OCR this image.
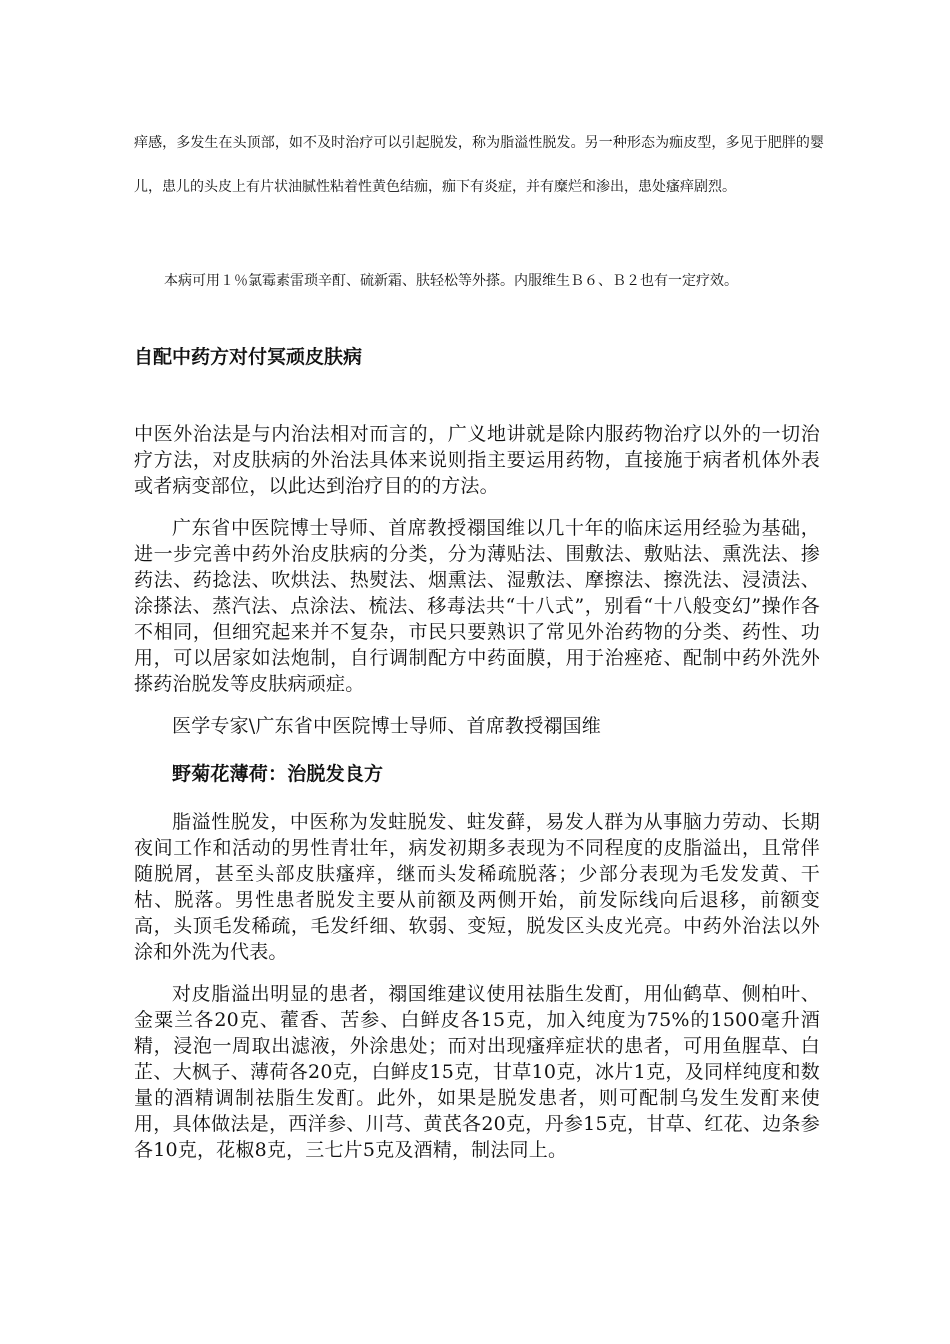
痒感，多发生在头顶部，如不及时治疗可以引起脱发，称为脂溢性脱发。另一种形态为痂皮型，多见于肥胖的婴儿，患儿的头皮上有片状油腻性粘着性黄色结痂，痂下有炎症，并有糜烂和渗出，患处瘙痒剧烈。

本病可用１％氯霉素雷琐辛酊、硫新霜、肤轻松等外搽。内服维生Ｂ６、Ｂ２也有一定疗效。

自配中药方对付冥顽皮肤病

中医外治法是与内治法相对而言的，广义地讲就是除内服药物治疗以外的一切治疗方法，对皮肤病的外治法具体来说则指主要运用药物，直接施于病者机体外表或者病变部位，以此达到治疗目的的方法。

广东省中医院博士导师、首席教授禤国维以几十年的临床运用经验为基础，进一步完善中药外治皮肤病的分类，分为薄贴法、围敷法、敷贴法、熏洗法、掺药法、药捻法、吹烘法、热熨法、烟熏法、湿敷法、摩擦法、擦洗法、浸渍法、涂搽法、蒸汽法、点涂法、梳法、移毒法共“十八式”，别看“十八般变幻”操作各不相同，但细究起来并不复杂，市民只要熟识了常见外治药物的分类、药性、功用，可以居家如法炮制，自行调制配方中药面膜，用于治痤疮、配制中药外洗外搽药治脱发等皮肤病顽症。

医学专家\广东省中医院博士导师、首席教授禤国维

野菊花薄荷：治脱发良方

脂溢性脱发，中医称为发蛀脱发、蛀发藓，易发人群为从事脑力劳动、长期夜间工作和活动的男性青壮年，病发初期多表现为不同程度的皮脂溢出，且常伴随脱屑，甚至头部皮肤瘙痒，继而头发稀疏脱落；少部分表现为毛发发黄、干枯、脱落。男性患者脱发主要从前额及两侧开始，前发际线向后退移，前额变高，头顶毛发稀疏，毛发纤细、软弱、变短，脱发区头皮光亮。中药外治法以外涂和外洗为代表。

对皮脂溢出明显的患者，禤国维建议使用祛脂生发酊，用仙鹤草、侧柏叶、金粟兰各20克、藿香、苦参、白鲜皮各15克，加入纯度为75%的1500毫升酒精，浸泡一周取出滤液，外涂患处；而对出现瘙痒症状的患者，可用鱼腥草、白芷、大枫子、薄荷各20克，白鲜皮15克，甘草10克，冰片1克，及同样纯度和数量的酒精调制祛脂生发酊。此外，如果是脱发患者，则可配制乌发生发酊来使用，具体做法是，西洋参、川芎、黄芪各20克，丹参15克，甘草、红花、边条参各10克，花椒8克，三七片5克及酒精，制法同上。
